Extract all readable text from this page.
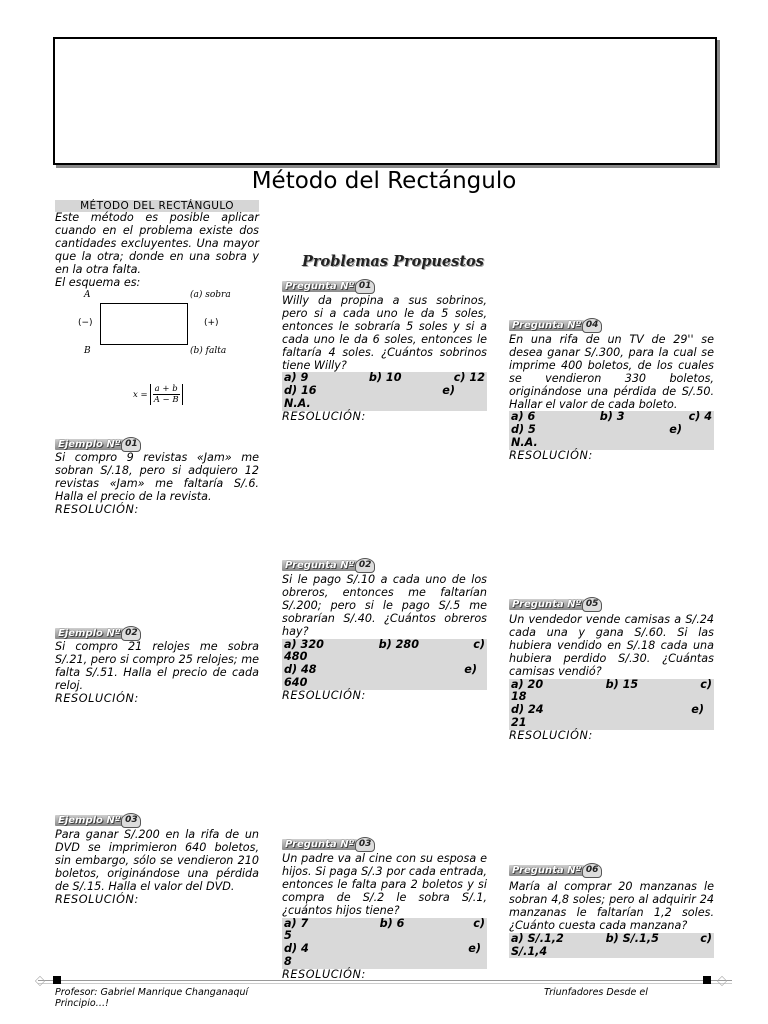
Método del Rectángulo
MÉTODO DEL RECTÁNGULO

Este método es posible aplicar cuando en el problema existe dos cantidades excluyentes. Una mayor que la otra; donde en una sobra y en la otra falta.

El esquema es:

A	(a) sobra
(−)	(+)
B	(b) falta
$x = \frac{a + b}{A - B}$
Ejemplo Nº 01

Si compro 9 revistas «Jam» me sobran S/.18, pero si adquiero 12 revistas «Jam» me faltaría S/.6. Halla el precio de la revista.

RESOLUCIÓN:

Ejemplo Nº 02

Si compro 21 relojes me sobra S/.21, pero si compro 25 relojes; me falta S/.51. Halla el precio de cada reloj.

RESOLUCIÓN:

Ejemplo Nº 03

Para ganar S/.200 en la rifa de un DVD se imprimieron 640 boletos, sin embargo, sólo se vendieron 210 boletos, originándose una pérdida de S/.15. Halla el valor del DVD.

RESOLUCIÓN:

Problemas Propuestos
Pregunta Nº 01

Willy da propina a sus sobrinos, pero si a cada uno le da 5 soles, entonces le sobraría 5 soles y si a cada uno le da 6 soles, entonces le faltaría 4 soles. ¿Cuántos sobrinos tiene Willy?

a) 9	b) 10	c) 12
d) 16	e)
N.A.

RESOLUCIÓN:

Pregunta Nº 02

Si le pago S/.10 a cada uno de los obreros, entonces me faltarían S/.200; pero si le pago S/.5 me sobrarían S/.40. ¿Cuántos obreros hay?

a) 320	b) 280	c)
480
d) 48	e)
640

RESOLUCIÓN:

Pregunta Nº 03

Un padre va al cine con su esposa e hijos. Si paga S/.3 por cada entrada, entonces le falta para 2 boletos y si compra de S/.2 le sobra S/.1, ¿cuántos hijos tiene?

a) 7	b) 6	c)
5
d) 4	e)
8

RESOLUCIÓN:

Pregunta Nº 04

En una rifa de un TV de 29'' se desea ganar S/.300, para la cual se imprime 400 boletos, de los cuales se vendieron 330 boletos, originándose una pérdida de S/.50. Hallar el valor de cada boleto.

a) 6	b) 3	c) 4
d) 5	e)
N.A.

RESOLUCIÓN:

Pregunta Nº 05

Un vendedor vende camisas a S/.24 cada una y gana S/.60. Si las hubiera vendido en S/.18 cada una hubiera perdido S/.30. ¿Cuántas camisas vendió?

a) 20	b) 15	c)
18
d) 24	e)
21

RESOLUCIÓN:

Pregunta Nº 06

María al comprar 20 manzanas le sobran 4,8 soles; pero al adquirir 24 manzanas le faltarían 1,2 soles. ¿Cuánto cuesta cada manzana?

a) S/.1,2	b) S/.1,5	c)
S/.1,4
Profesor: Gabriel Manrique Changanaquí
Principio…!
Triunfadores Desde el
